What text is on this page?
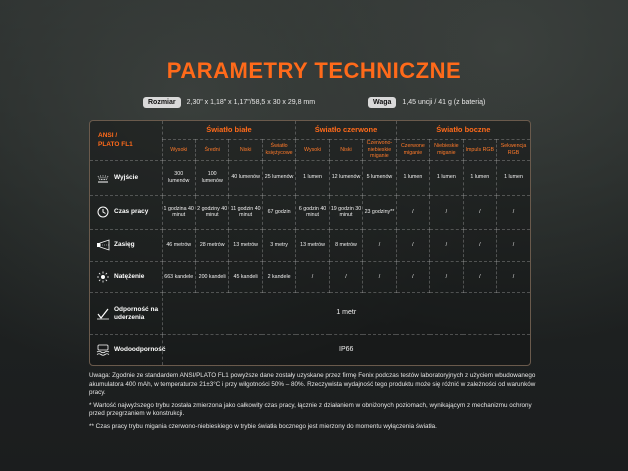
PARAMETRY TECHNICZNE
Rozmiar	2,30" x 1,18" x 1,17"/58,5 x 30 x 29,8 mm	Waga	1,45 uncji / 41 g (z baterią)
ANSI /
PLATO FL1	Światło białe				Światło czerwone			Światło boczne			
	Wysoki	Średni	Niski	Światło księżycowe	Wysoki	Niski	Czerwono-niebieskie miganie	Czerwone miganie	Niebieskie miganie	Impuls RGB	Sekwencja RGB

Wyjście	300 lumenów	100 lumenów	40 lumenów	25 lumenów	1 lumen	12 lumenów	5 lumenów	1 lumen	1 lumen	1 lumen	1 lumen

Czas pracy	1 godzina 40 minut	2 godziny 40 minut	11 godzin 40 minut	67 godzin	6 godzin 40 minut	19 godzin 30 minut	23 godziny**	/	/	/	/

Zasięg	46 metrów	28 metrów	13 metrów	3 metry	13 metrów	8 metrów	/	/	/	/	/

Natężenie	663 kandele	200 kandeli	45 kandeli	2 kandele	/	/	/	/	/	/	/

Odporność na uderzenia	1 metr										

Wodoodporność	IP66										

Uwaga: Zgodnie ze standardem ANSI/PLATO FL1 powyższe dane zostały uzyskane przez firmę Fenix podczas testów laboratoryjnych z użyciem wbudowanego akumulatora 400 mAh, w temperaturze 21±3°C i przy wilgotności 50% – 80%. Rzeczywista wydajność tego produktu może się różnić w zależności od warunków pracy.

* Wartość najwyższego trybu została zmierzona jako całkowity czas pracy, łącznie z działaniem w obniżonych poziomach, wynikającym z mechanizmu ochrony przed przegrzaniem w konstrukcji.

** Czas pracy trybu migania czerwono-niebieskiego w trybie światła bocznego jest mierzony do momentu wyłączenia światła.
